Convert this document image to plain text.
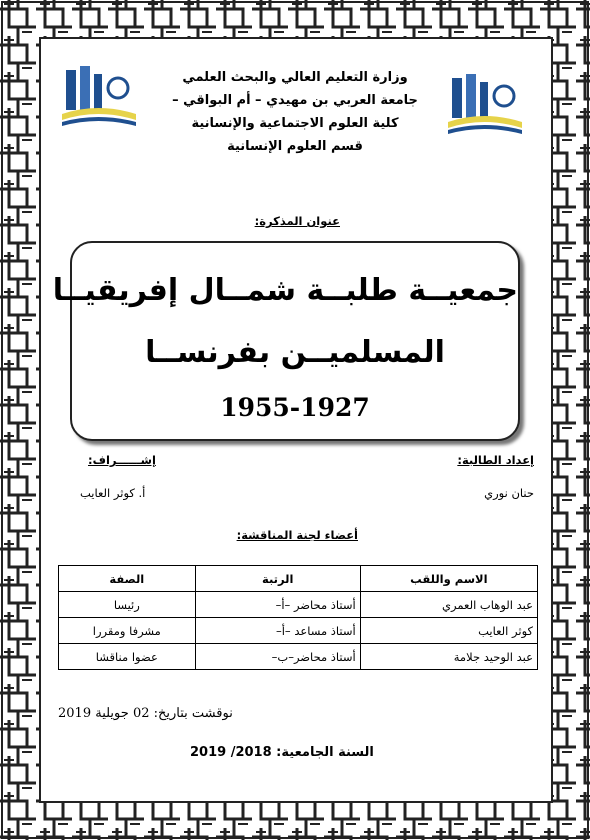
وزارة التعليم العالي والبحث العلمي
جامعة العربي بن مهيدي – أم البواقي –
كلية العلوم الاجتماعية والإنسانية
قسم العلوم الإنسانية
عنوان المذكرة:
جمعيــة طلبــة شمــال إفريقيــا
المسلميــن بفرنســا
1955-1927
إعداد الطالبة:
حنان نوري
إشــــــراف:
أ. كوثر العايب
أعضاء لجنة المناقشة:
الاسم واللقب	الرتبة	الصفة
عبد الوهاب العمري	أستاذ محاضر –أ–	رئيسا
كوثر العايب	أستاذ مساعد –أ–	مشرفا ومقررا
عبد الوحيد جلامة	أستاذ محاضر–ب–	عضوا مناقشا
نوقشت بتاريخ: 02 جويلية 2019
السنة الجامعية: 2018/ 2019
